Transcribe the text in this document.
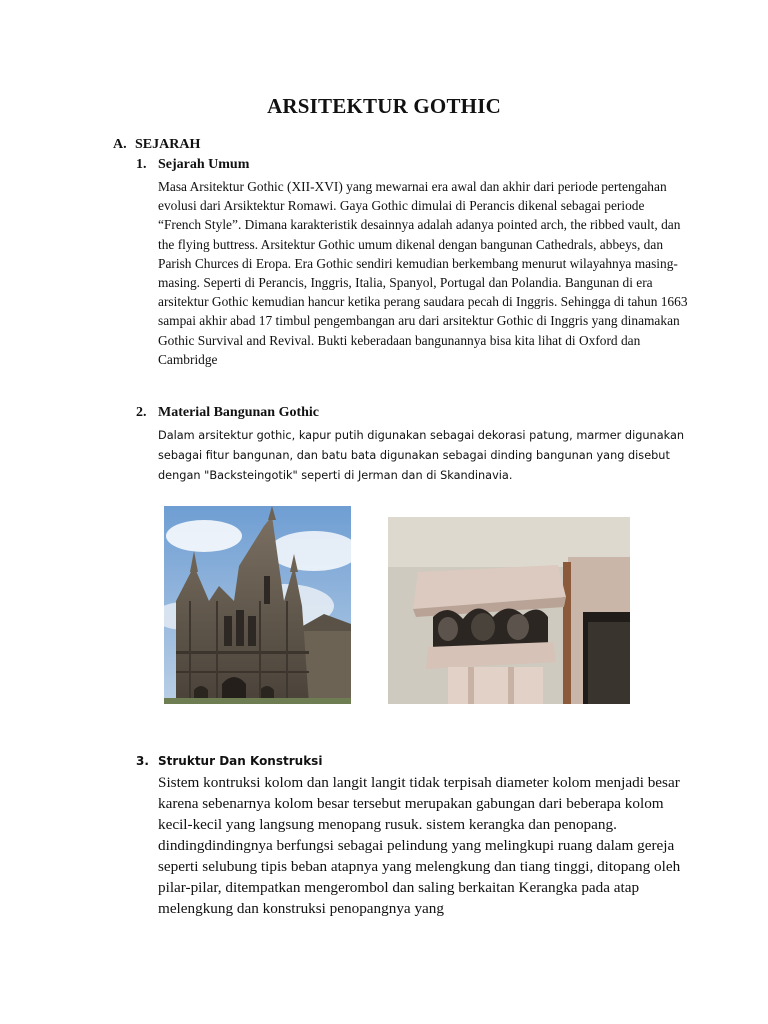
ARSITEKTUR GOTHIC
A. SEJARAH
1. Sejarah Umum
Masa Arsitektur Gothic (XII-XVI) yang mewarnai era awal dan akhir dari periode pertengahan evolusi dari Arsiktektur Romawi. Gaya Gothic dimulai di Perancis dikenal sebagai periode “French Style”. Dimana karakteristik desainnya adalah adanya pointed arch, the ribbed vault, dan the flying buttress. Arsitektur Gothic umum dikenal dengan bangunan Cathedrals, abbeys, dan Parish Churces di Eropa. Era Gothic sendiri kemudian berkembang menurut wilayahnya masing-masing. Seperti di Perancis, Inggris, Italia, Spanyol, Portugal dan Polandia. Bangunan di era arsitektur Gothic kemudian hancur ketika perang saudara pecah di Inggris. Sehingga di tahun 1663 sampai akhir abad 17 timbul pengembangan aru dari arsitektur Gothic di Inggris yang dinamakan Gothic Survival and Revival. Bukti keberadaan bangunannya bisa kita lihat di Oxford dan Cambridge
2. Material Bangunan Gothic
Dalam arsitektur gothic, kapur putih digunakan sebagai dekorasi patung, marmer digunakan sebagai fitur bangunan, dan batu bata digunakan sebagai dinding bangunan yang disebut dengan "Backsteingotik" seperti di Jerman dan di Skandinavia.
3. Struktur Dan Konstruksi
Sistem kontruksi kolom dan langit langit tidak terpisah diameter kolom menjadi besar karena sebenarnya kolom besar tersebut merupakan gabungan dari beberapa kolom kecil-kecil yang langsung menopang rusuk. sistem kerangka dan penopang. dindingdindingnya berfungsi sebagai pelindung yang melingkupi ruang dalam gereja seperti selubung tipis beban atapnya yang melengkung dan tiang tinggi, ditopang oleh pilar-pilar, ditempatkan mengerombol dan saling berkaitan Kerangka pada atap melengkung dan konstruksi penopangnya yang
